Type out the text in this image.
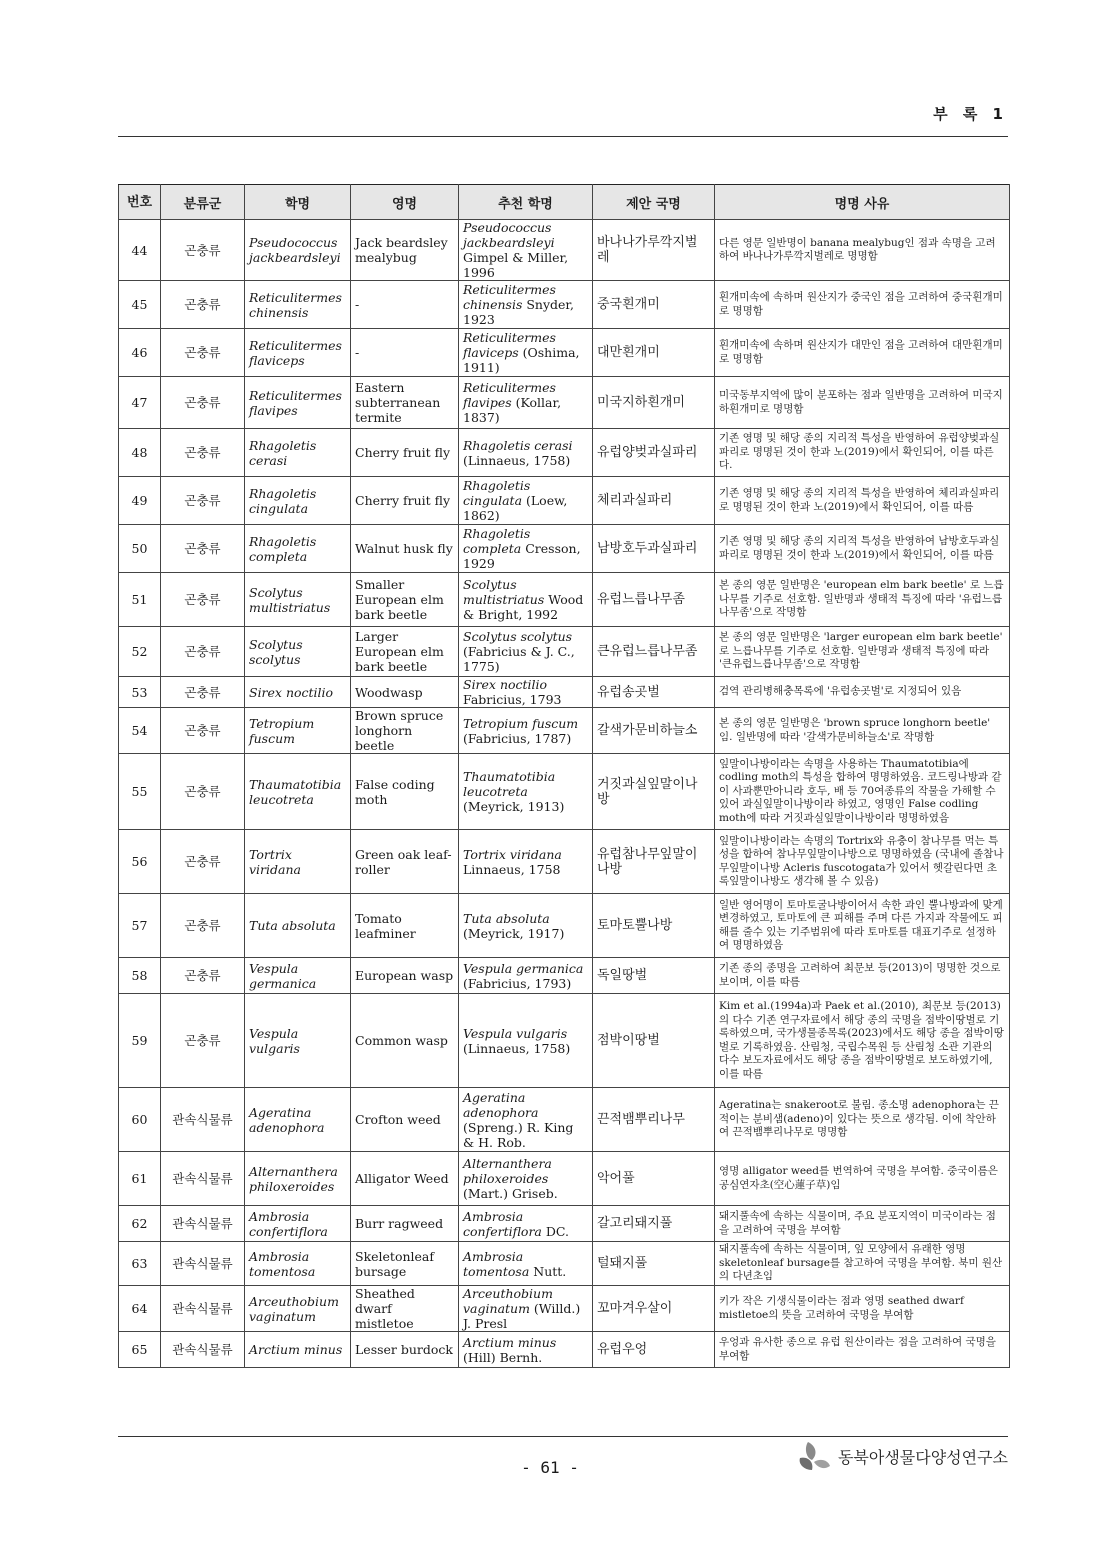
부 록 1
번호	분류군	학명	영명	추천 학명	제안 국명	명명 사유
44	곤충류	Pseudococcus jackbeardsleyi	Jack beardsley mealybug	Pseudococcus jackbeardsleyi Gimpel & Miller, 1996	바나나가루깍지벌레	다른 영문 일반명이 banana mealybug인 점과 속명을 고려하여 바나나가루깍지벌레로 명명함
45	곤충류	Reticulitermes chinensis	-	Reticulitermes chinensis Snyder, 1923	중국흰개미	흰개미속에 속하며 원산지가 중국인 점을 고려하여 중국흰개미로 명명함
46	곤충류	Reticulitermes flaviceps	-	Reticulitermes flaviceps (Oshima, 1911)	대만흰개미	흰개미속에 속하며 원산지가 대만인 점을 고려하여 대만흰개미로 명명함
47	곤충류	Reticulitermes flavipes	Eastern subterranean termite	Reticulitermes flavipes (Kollar, 1837)	미국지하흰개미	미국동부지역에 많이 분포하는 점과 일반명을 고려하여 미국지하흰개미로 명명함
48	곤충류	Rhagoletis cerasi	Cherry fruit fly	Rhagoletis cerasi (Linnaeus, 1758)	유럽양벚과실파리	기존 영명 및 해당 종의 지리적 특성을 반영하여 유럽양벚과실파리로 명명된 것이 한과 노(2019)에서 확인되어, 이를 따른다.
49	곤충류	Rhagoletis cingulata	Cherry fruit fly	Rhagoletis cingulata (Loew, 1862)	체리과실파리	기존 영명 및 해당 종의 지리적 특성을 반영하여 체리과실파리로 명명된 것이 한과 노(2019)에서 확인되어, 이를 따름
50	곤충류	Rhagoletis completa	Walnut husk fly	Rhagoletis completa Cresson, 1929	남방호두과실파리	기존 영명 및 해당 종의 지리적 특성을 반영하여 남방호두과실파리로 명명된 것이 한과 노(2019)에서 확인되어, 이를 따름
51	곤충류	Scolytus multistriatus	Smaller European elm bark beetle	Scolytus multistriatus Wood & Bright, 1992	유럽느릅나무좀	본 종의 영문 일반명은 'european elm bark beetle' 로 느릅나무를 기주로 선호함. 일반명과 생태적 특징에 따라 '유럽느릅나무좀'으로 작명함
52	곤충류	Scolytus scolytus	Larger European elm bark beetle	Scolytus scolytus (Fabricius & J. C., 1775)	큰유럽느릅나무좀	본 종의 영문 일반명은 'larger european elm bark beetle' 로 느릅나무를 기주로 선호함. 일반명과 생태적 특징에 따라 '큰유럽느릅나무좀'으로 작명함
53	곤충류	Sirex noctilio	Woodwasp	Sirex noctilio Fabricius, 1793	유럽송곳벌	검역 관리병해충목록에 '유럽송곳벌'로 지정되어 있음
54	곤충류	Tetropium fuscum	Brown spruce longhorn beetle	Tetropium fuscum (Fabricius, 1787)	갈색가문비하늘소	본 종의 영문 일반명은 'brown spruce longhorn beetle' 임. 일반명에 따라 '갈색가문비하늘소'로 작명함
55	곤충류	Thaumatotibia leucotreta	False coding moth	Thaumatotibia leucotreta (Meyrick, 1913)	거짓과실잎말이나방	잎말이나방이라는 속명을 사용하는 Thaumatotibia에 codling moth의 특성을 합하여 명명하였음. 코드링나방과 같이 사과뿐만아니라 호두, 배 등 70여종류의 작물을 가해할 수 있어 과실잎말이나방이라 하였고, 영명인 False codling moth에 따라 거짓과실잎말이나방이라 명명하였음
56	곤충류	Tortrix viridana	Green oak leaf-roller	Tortrix viridana Linnaeus, 1758	유럽참나무잎말이나방	잎말이나방이라는 속명의 Tortrix와 유충이 참나무를 먹는 특성을 합하여 참나무잎말이나방으로 명명하였음 (국내에 졸참나무잎말이나방 Acleris fuscotogata가 있어서 헷갈린다면 초록잎말이나방도 생각해 볼 수 있음)
57	곤충류	Tuta absoluta	Tomato leafminer	Tuta absoluta (Meyrick, 1917)	토마토뿔나방	일반 영어명이 토마토굴나방이어서 속한 과인 뿔나방과에 맞게 변경하였고, 토마토에 큰 피해를 주며 다른 가지과 작물에도 피해를 줄수 있는 기주범위에 따라 토마토를 대표기주로 설정하여 명명하였음
58	곤충류	Vespula germanica	European wasp	Vespula germanica (Fabricius, 1793)	독일땅벌	기존 종의 종명을 고려하여 최문보 등(2013)이 명명한 것으로 보이며, 이를 따름
59	곤충류	Vespula vulgaris	Common wasp	Vespula vulgaris (Linnaeus, 1758)	점박이땅벌	Kim et al.(1994a)과 Paek et al.(2010), 최문보 등(2013)의 다수 기존 연구자료에서 해당 종의 국명을 점박이땅벌로 기록하였으며, 국가생물종목록(2023)에서도 해당 종을 점박이땅벌로 기록하였음. 산림청, 국립수목원 등 산림청 소관 기관의 다수 보도자료에서도 해당 종을 점박이땅벌로 보도하였기에, 이를 따름
60	관속식물류	Ageratina adenophora	Crofton weed	Ageratina adenophora (Spreng.) R. King & H. Rob.	끈적뱀뿌리나무	Ageratina는 snakeroot로 불림. 종소명 adenophora는 끈적이는 분비샘(adeno)이 있다는 뜻으로 생각됨. 이에 착안하여 끈적뱀뿌리나무로 명명함
61	관속식물류	Alternanthera philoxeroides	Alligator Weed	Alternanthera philoxeroides (Mart.) Griseb.	악어풀	영명 alligator weed를 번역하여 국명을 부여함. 중국이름은 공심연자초(空心蓮子草)임
62	관속식물류	Ambrosia confertiflora	Burr ragweed	Ambrosia confertiflora DC.	갈고리돼지풀	돼지풀속에 속하는 식물이며, 주요 분포지역이 미국이라는 점을 고려하여 국명을 부여함
63	관속식물류	Ambrosia tomentosa	Skeletonleaf bursage	Ambrosia tomentosa Nutt.	털돼지풀	돼지풀속에 속하는 식물이며, 잎 모양에서 유래한 영명 skeletonleaf bursage를 참고하여 국명을 부여함. 북미 원산의 다년초임
64	관속식물류	Arceuthobium vaginatum	Sheathed dwarf mistletoe	Arceuthobium vaginatum (Willd.) J. Presl	꼬마겨우살이	키가 작은 기생식물이라는 점과 영명 seathed dwarf mistletoe의 뜻을 고려하여 국명을 부여함
65	관속식물류	Arctium minus	Lesser burdock	Arctium minus (Hill) Bernh.	유럽우엉	우엉과 유사한 종으로 유럽 원산이라는 점을 고려하여 국명을 부여함
- 61 -
동북아생물다양성연구소
